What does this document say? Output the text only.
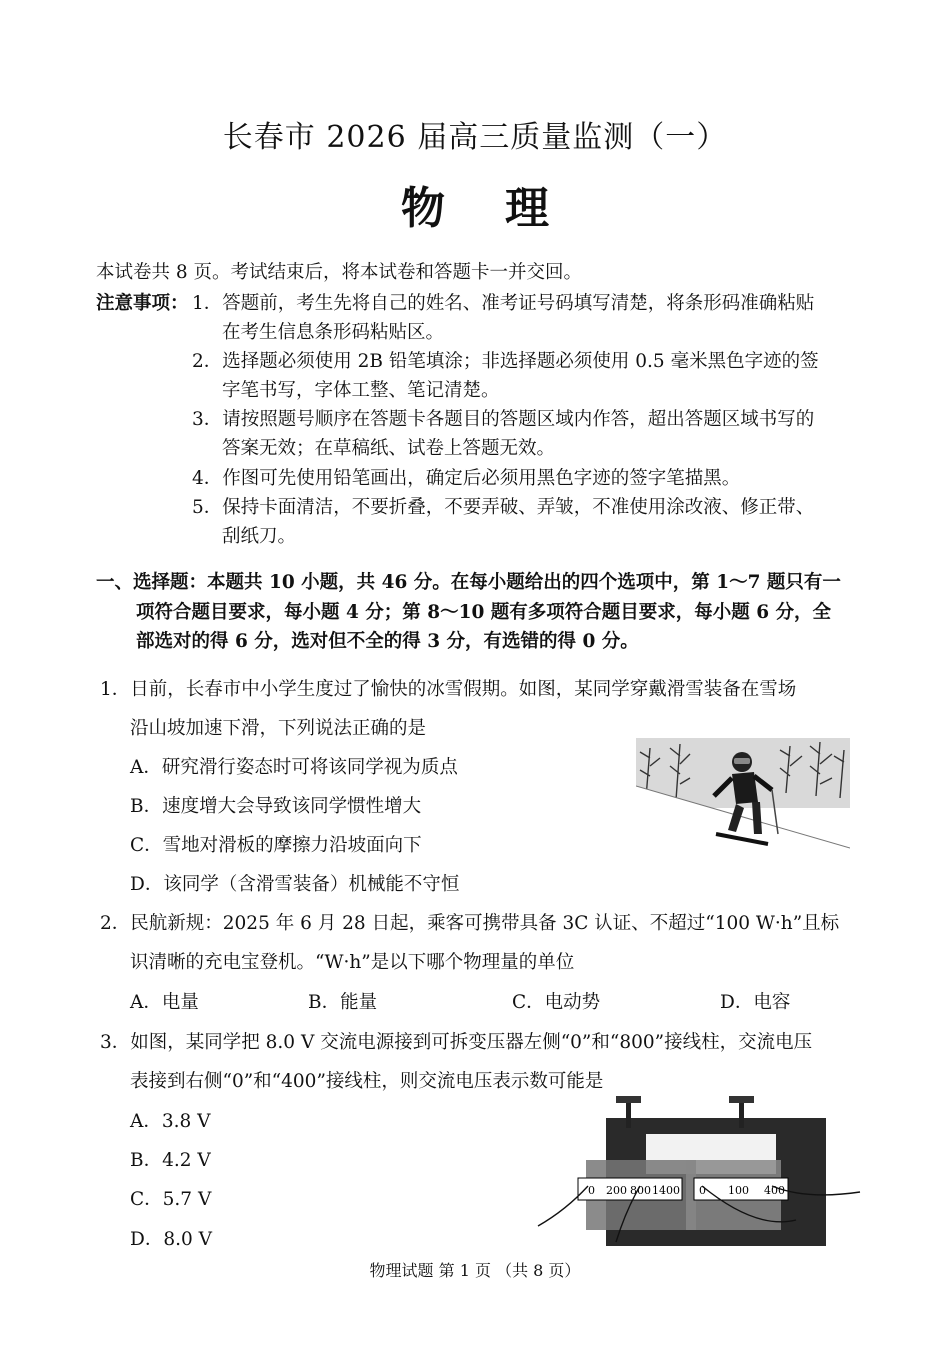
长春市 2026 届高三质量监测（一）
物理
本试卷共 8 页。考试结束后，将本试卷和答题卡一并交回。
注意事项： 1．答题前，考生先将自己的姓名、准考证号码填写清楚，将条形码准确粘贴
在考生信息条形码粘贴区。
2．选择题必须使用 2B 铅笔填涂；非选择题必须使用 0.5 毫米黑色字迹的签
字笔书写，字体工整、笔记清楚。
3．请按照题号顺序在答题卡各题目的答题区域内作答，超出答题区域书写的
答案无效；在草稿纸、试卷上答题无效。
4．作图可先使用铅笔画出，确定后必须用黑色字迹的签字笔描黑。
5．保持卡面清洁，不要折叠，不要弄破、弄皱，不准使用涂改液、修正带、
刮纸刀。
一、选择题：本题共 10 小题，共 46 分。在每小题给出的四个选项中，第 1～7 题只有一
项符合题目要求，每小题 4 分；第 8～10 题有多项符合题目要求，每小题 6 分，全
部选对的得 6 分，选对但不全的得 3 分，有选错的得 0 分。
1．日前，长春市中小学生度过了愉快的冰雪假期。如图，某同学穿戴滑雪装备在雪场
沿山坡加速下滑，下列说法正确的是
A．研究滑行姿态时可将该同学视为质点
B．速度增大会导致该同学惯性增大
C．雪地对滑板的摩擦力沿坡面向下
D．该同学（含滑雪装备）机械能不守恒
2．民航新规：2025 年 6 月 28 日起，乘客可携带具备 3C 认证、不超过“100 W·h”且标
识清晰的充电宝登机。“W·h”是以下哪个物理量的单位
A．电量	B．能量	C．电动势	D．电容
3．如图，某同学把 8.0 V 交流电源接到可拆变压器左侧“0”和“800”接线柱，交流电压
表接到右侧“0”和“400”接线柱，则交流电压表示数可能是
A．3.8 V
B．4.2 V
C．5.7 V
D．8.0 V
0 200 800 1400 0 100 400
物理试题 第 1 页 （共 8 页）
